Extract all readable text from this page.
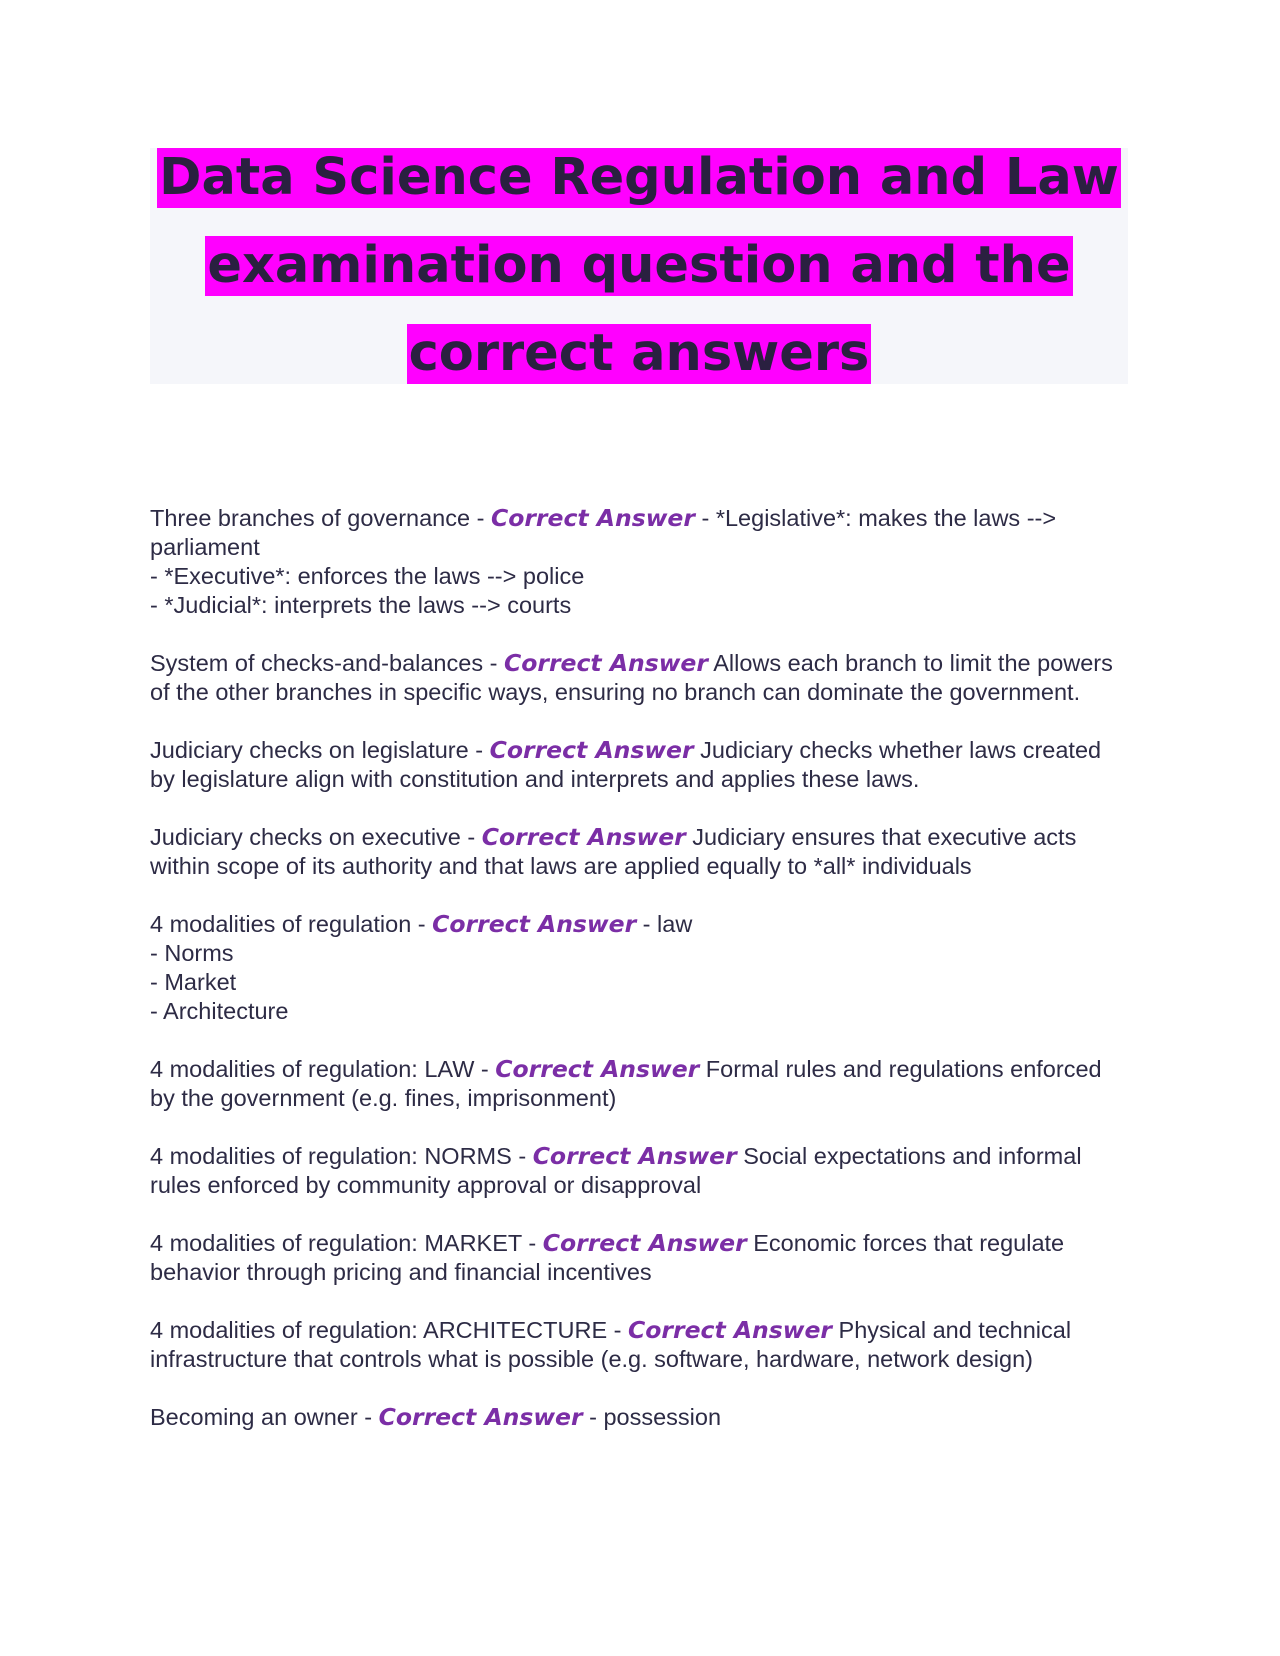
Data Science Regulation and Law
examination question and the
correct answers
Three branches of governance - Correct Answer - *Legislative*: makes the laws --> parliament
- *Executive*: enforces the laws --> police
- *Judicial*: interprets the laws --> courts
System of checks-and-balances - Correct Answer Allows each branch to limit the powers of the other branches in specific ways, ensuring no branch can dominate the government.
Judiciary checks on legislature - Correct Answer Judiciary checks whether laws created by legislature align with constitution and interprets and applies these laws.
Judiciary checks on executive - Correct Answer Judiciary ensures that executive acts within scope of its authority and that laws are applied equally to *all* individuals
4 modalities of regulation - Correct Answer - law
- Norms
- Market
- Architecture
4 modalities of regulation: LAW - Correct Answer Formal rules and regulations enforced by the government (e.g. fines, imprisonment)
4 modalities of regulation: NORMS - Correct Answer Social expectations and informal rules enforced by community approval or disapproval
4 modalities of regulation: MARKET - Correct Answer Economic forces that regulate behavior through pricing and financial incentives
4 modalities of regulation: ARCHITECTURE - Correct Answer Physical and technical infrastructure that controls what is possible (e.g. software, hardware, network design)
Becoming an owner - Correct Answer - possession
